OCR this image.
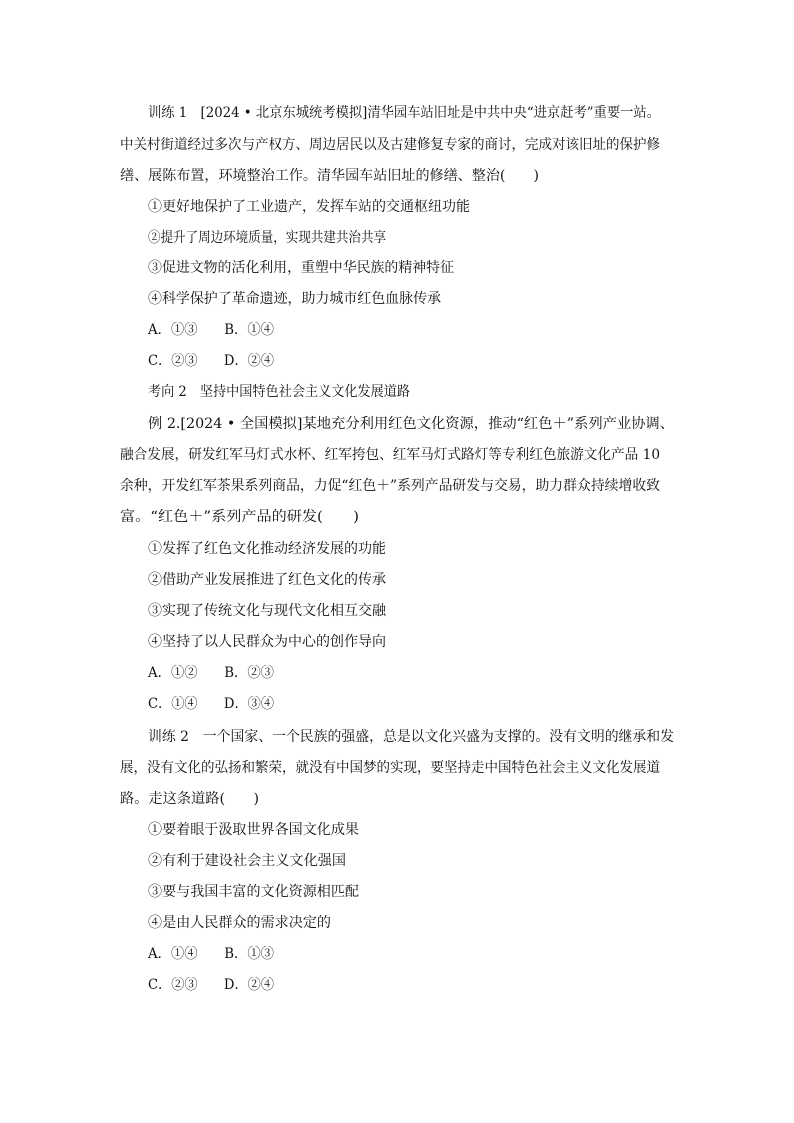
训练 1　[2024 • 北京东城统考模拟]清华园车站旧址是中共中央“进京赶考”重要一站。
中关村街道经过多次与产权方、周边居民以及古建修复专家的商讨，完成对该旧址的保护修
缮、展陈布置，环境整治工作。清华园车站旧址的修缮、整治(　　)
①更好地保护了工业遗产，发挥车站的交通枢纽功能
②提升了周边环境质量，实现共建共治共享
③促进文物的活化利用，重塑中华民族的精神特征
④科学保护了革命遗迹，助力城市红色血脉传承
A．①③　　B．①④
C．②③　　D．②④
考向 2　坚持中国特色社会主义文化发展道路
例 2.[2024 • 全国模拟]某地充分利用红色文化资源，推动“红色＋”系列产业协调、
融合发展，研发红军马灯式水杯、红军挎包、红军马灯式路灯等专利红色旅游文化产品 10
余种，开发红军茶果系列商品，力促“红色＋”系列产品研发与交易，助力群众持续增收致
富。“红色＋”系列产品的研发(　　)
①发挥了红色文化推动经济发展的功能
②借助产业发展推进了红色文化的传承
③实现了传统文化与现代文化相互交融
④坚持了以人民群众为中心的创作导向
A．①②　　B．②③
C．①④　　D．③④
训练 2　一个国家、一个民族的强盛，总是以文化兴盛为支撑的。没有文明的继承和发
展，没有文化的弘扬和繁荣，就没有中国梦的实现，要坚持走中国特色社会主义文化发展道
路。走这条道路(　　)
①要着眼于汲取世界各国文化成果
②有利于建设社会主义文化强国
③要与我国丰富的文化资源相匹配
④是由人民群众的需求决定的
A．①④　　B．①③
C．②③　　D．②④
